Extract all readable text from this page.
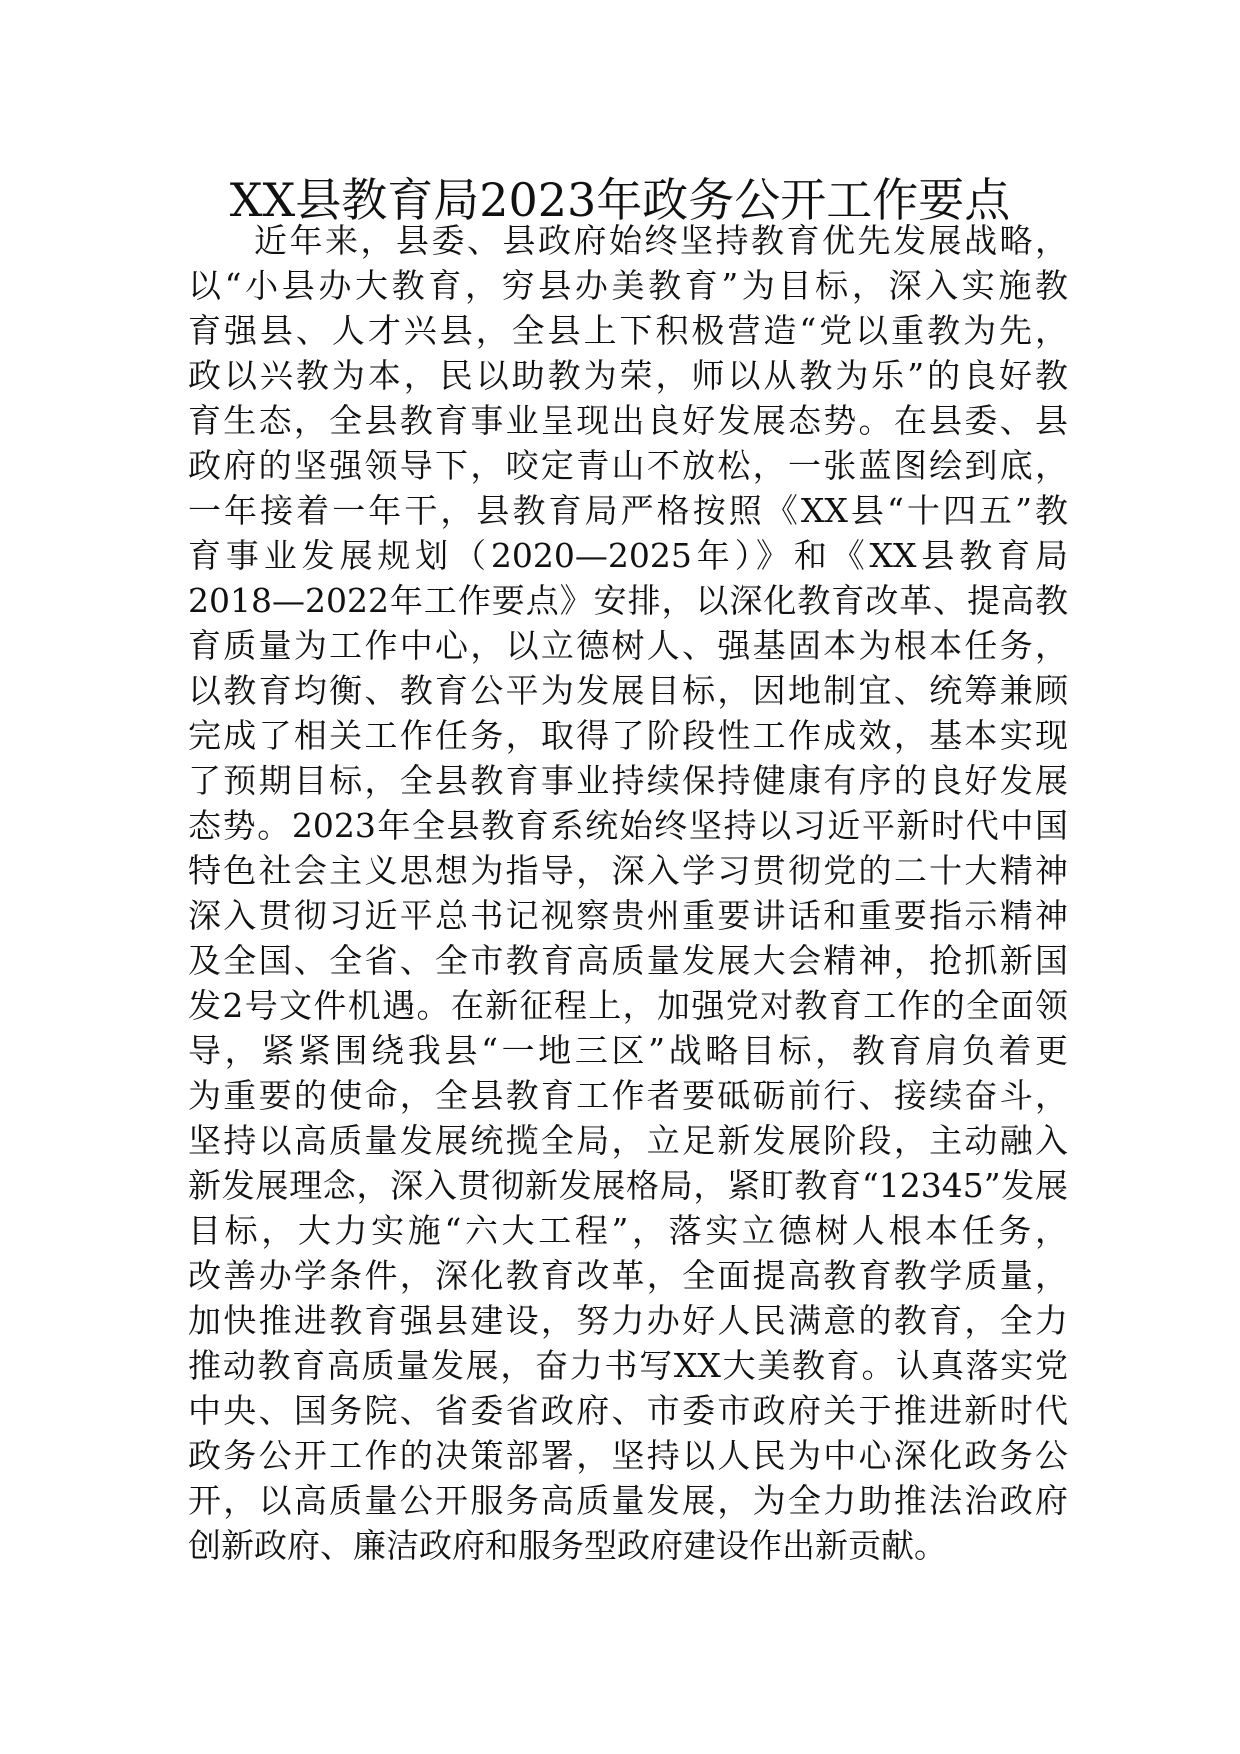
XX县教育局2023年政务公开工作要点

近年来，县委、县政府始终坚持教育优先发展战略，

以“小县办大教育，穷县办美教育”为目标，深入实施教

育强县、人才兴县，全县上下积极营造“党以重教为先，

政以兴教为本，民以助教为荣，师以从教为乐”的良好教

育生态，全县教育事业呈现出良好发展态势。在县委、县

政府的坚强领导下，咬定青山不放松，一张蓝图绘到底，

一年接着一年干，县教育局严格按照《XX县“十四五”教

育事业发展规划（2020—2025年）》和《XX县教育局

2018—2022年工作要点》安排，以深化教育改革、提高教

育质量为工作中心，以立德树人、强基固本为根本任务，

以教育均衡、教育公平为发展目标，因地制宜、统筹兼顾

完成了相关工作任务，取得了阶段性工作成效，基本实现

了预期目标，全县教育事业持续保持健康有序的良好发展

态势。2023年全县教育系统始终坚持以习近平新时代中国

特色社会主义思想为指导，深入学习贯彻党的二十大精神

深入贯彻习近平总书记视察贵州重要讲话和重要指示精神

及全国、全省、全市教育高质量发展大会精神，抢抓新国

发2号文件机遇。在新征程上，加强党对教育工作的全面领

导，紧紧围绕我县“一地三区”战略目标，教育肩负着更

为重要的使命，全县教育工作者要砥砺前行、接续奋斗，

坚持以高质量发展统揽全局，立足新发展阶段，主动融入

新发展理念，深入贯彻新发展格局，紧盯教育“12345”发展

目标，大力实施“六大工程”，落实立德树人根本任务，

改善办学条件，深化教育改革，全面提高教育教学质量，

加快推进教育强县建设，努力办好人民满意的教育，全力

推动教育高质量发展，奋力书写XX大美教育。认真落实党

中央、国务院、省委省政府、市委市政府关于推进新时代

政务公开工作的决策部署，坚持以人民为中心深化政务公

开，以高质量公开服务高质量发展，为全力助推法治政府

创新政府、廉洁政府和服务型政府建设作出新贡献。
